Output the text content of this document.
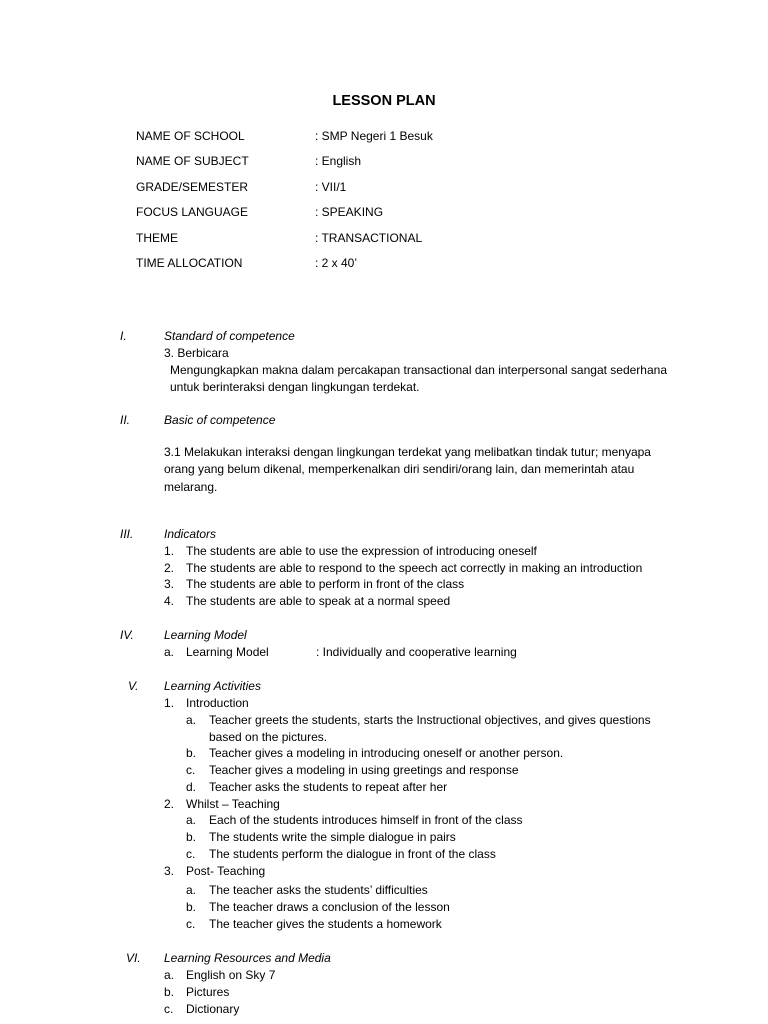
LESSON PLAN
NAME OF SCHOOL	: SMP Negeri 1 Besuk
NAME OF SUBJECT	: English
GRADE/SEMESTER	: VII/1
FOCUS LANGUAGE	: SPEAKING
THEME	: TRANSACTIONAL
TIME ALLOCATION	: 2 x 40’
I.	Standard of competence
3. Berbicara
Mengungkapkan makna dalam percakapan transactional dan interpersonal sangat sederhana
untuk berinteraksi dengan lingkungan terdekat.
II.	Basic of competence
3.1 Melakukan interaksi dengan lingkungan terdekat yang melibatkan tindak tutur; menyapa
orang yang belum dikenal, memperkenalkan diri sendiri/orang lain, dan memerintah atau
melarang.
III.	Indicators
1. The students are able to use the expression of introducing oneself
2. The students are able to respond to the speech act correctly in making an introduction
3. The students are able to perform in front of the class
4. The students are able to speak at a normal speed
IV.	Learning Model
a. Learning Model	: Individually and cooperative learning
V.	Learning Activities
1. Introduction
a.	Teacher greets the students, starts the Instructional objectives, and gives questions
based on the pictures.
b.	Teacher gives a modeling in introducing oneself or another person.
c.	Teacher gives a modeling in using greetings and response
d.	Teacher asks the students to repeat after her
2. Whilst – Teaching
a.	Each of the students introduces himself in front of the class
b.	The students write the simple dialogue in pairs
c.	The students perform the dialogue in front of the class
3. Post- Teaching
a.	The teacher asks the students’ difficulties
b.	The teacher draws a conclusion of the lesson
c.	The teacher gives the students a homework
VI.	Learning Resources and Media
a. English on Sky 7
b. Pictures
c.	Dictionary
